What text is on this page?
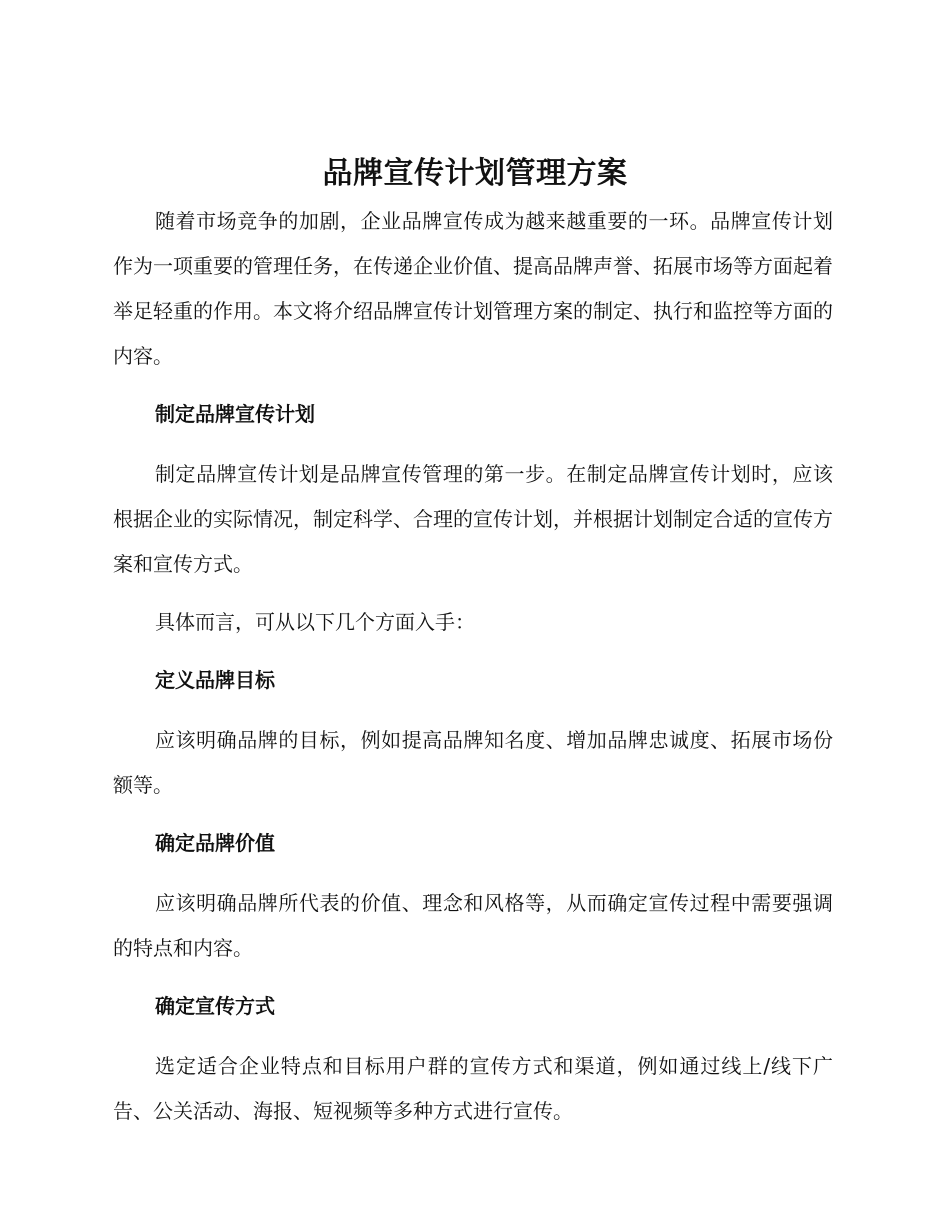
品牌宣传计划管理方案

随着市场竞争的加剧，企业品牌宣传成为越来越重要的一环。品牌宣传计划作为一项重要的管理任务，在传递企业价值、提高品牌声誉、拓展市场等方面起着举足轻重的作用。本文将介绍品牌宣传计划管理方案的制定、执行和监控等方面的内容。

制定品牌宣传计划

制定品牌宣传计划是品牌宣传管理的第一步。在制定品牌宣传计划时，应该根据企业的实际情况，制定科学、合理的宣传计划，并根据计划制定合适的宣传方案和宣传方式。

具体而言，可从以下几个方面入手：

定义品牌目标

应该明确品牌的目标，例如提高品牌知名度、增加品牌忠诚度、拓展市场份额等。

确定品牌价值

应该明确品牌所代表的价值、理念和风格等，从而确定宣传过程中需要强调的特点和内容。

确定宣传方式

选定适合企业特点和目标用户群的宣传方式和渠道，例如通过线上/线下广告、公关活动、海报、短视频等多种方式进行宣传。
